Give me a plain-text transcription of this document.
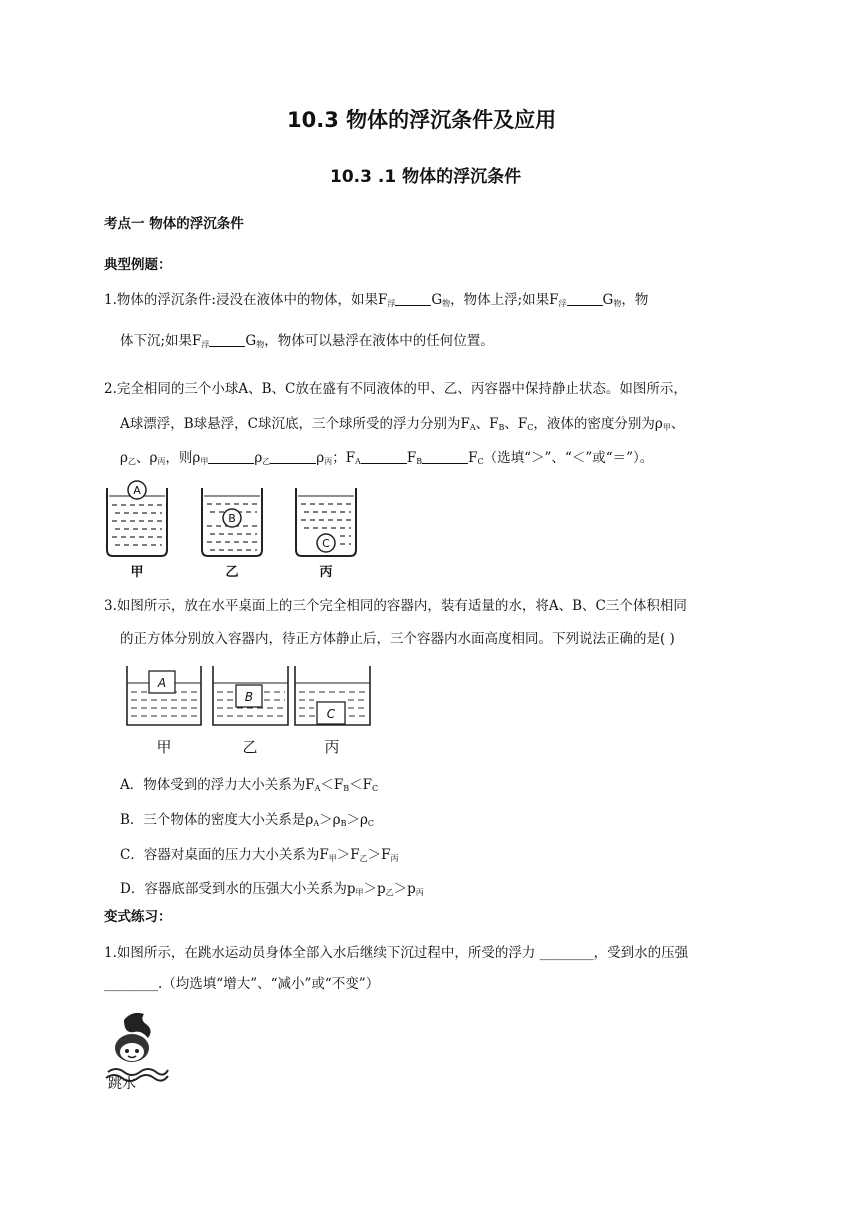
10.3 物体的浮沉条件及应用
10.3 .1 物体的浮沉条件
考点一 物体的浮沉条件
典型例题：
1.物体的浮沉条件:浸没在液体中的物体，如果$F_浮$	$G_物$，物体上浮;如果$F_浮$	$G_物$，物
体下沉;如果$F_浮$	$G_物$，物体可以悬浮在液体中的任何位置。
2.完全相同的三个小球A、B、C放在盛有不同液体的甲、乙、丙容器中保持静止状态。如图所示，
A球漂浮，B球悬浮，C球沉底，三个球所受的浮力分别为$F_A$、$F_B$、$F_C$，液体的密度分别为$\rho_甲$、
$\rho_乙$、$\rho_丙$，则$\rho_甲$	$\rho_乙$	$\rho_丙$；$F_A$	$F_B$	$F_C$（选填“＞”、“＜”或“＝”）。
A
B
C
甲	乙	丙
3.如图所示，放在水平桌面上的三个完全相同的容器内，装有适量的水，将A、B、C三个体积相同
的正方体分别放入容器内，待正方体静止后，三个容器内水面高度相同。下列说法正确的是( )
A
B
C
甲	乙	丙
A．物体受到的浮力大小关系为$F_A<F_B<F_C$
B．三个物体的密度大小关系是$\rho_A>\rho_B>\rho_C$
C．容器对桌面的压力大小关系为$F_甲>F_乙>F_丙$
D．容器底部受到水的压强大小关系为$p_甲>p_乙>p_丙$
变式练习：
1.如图所示，在跳水运动员身体全部入水后继续下沉过程中，所受的浮力 ________，受到水的压强
________.（均选填“增大”、“减小”或“不变”）
跳水
